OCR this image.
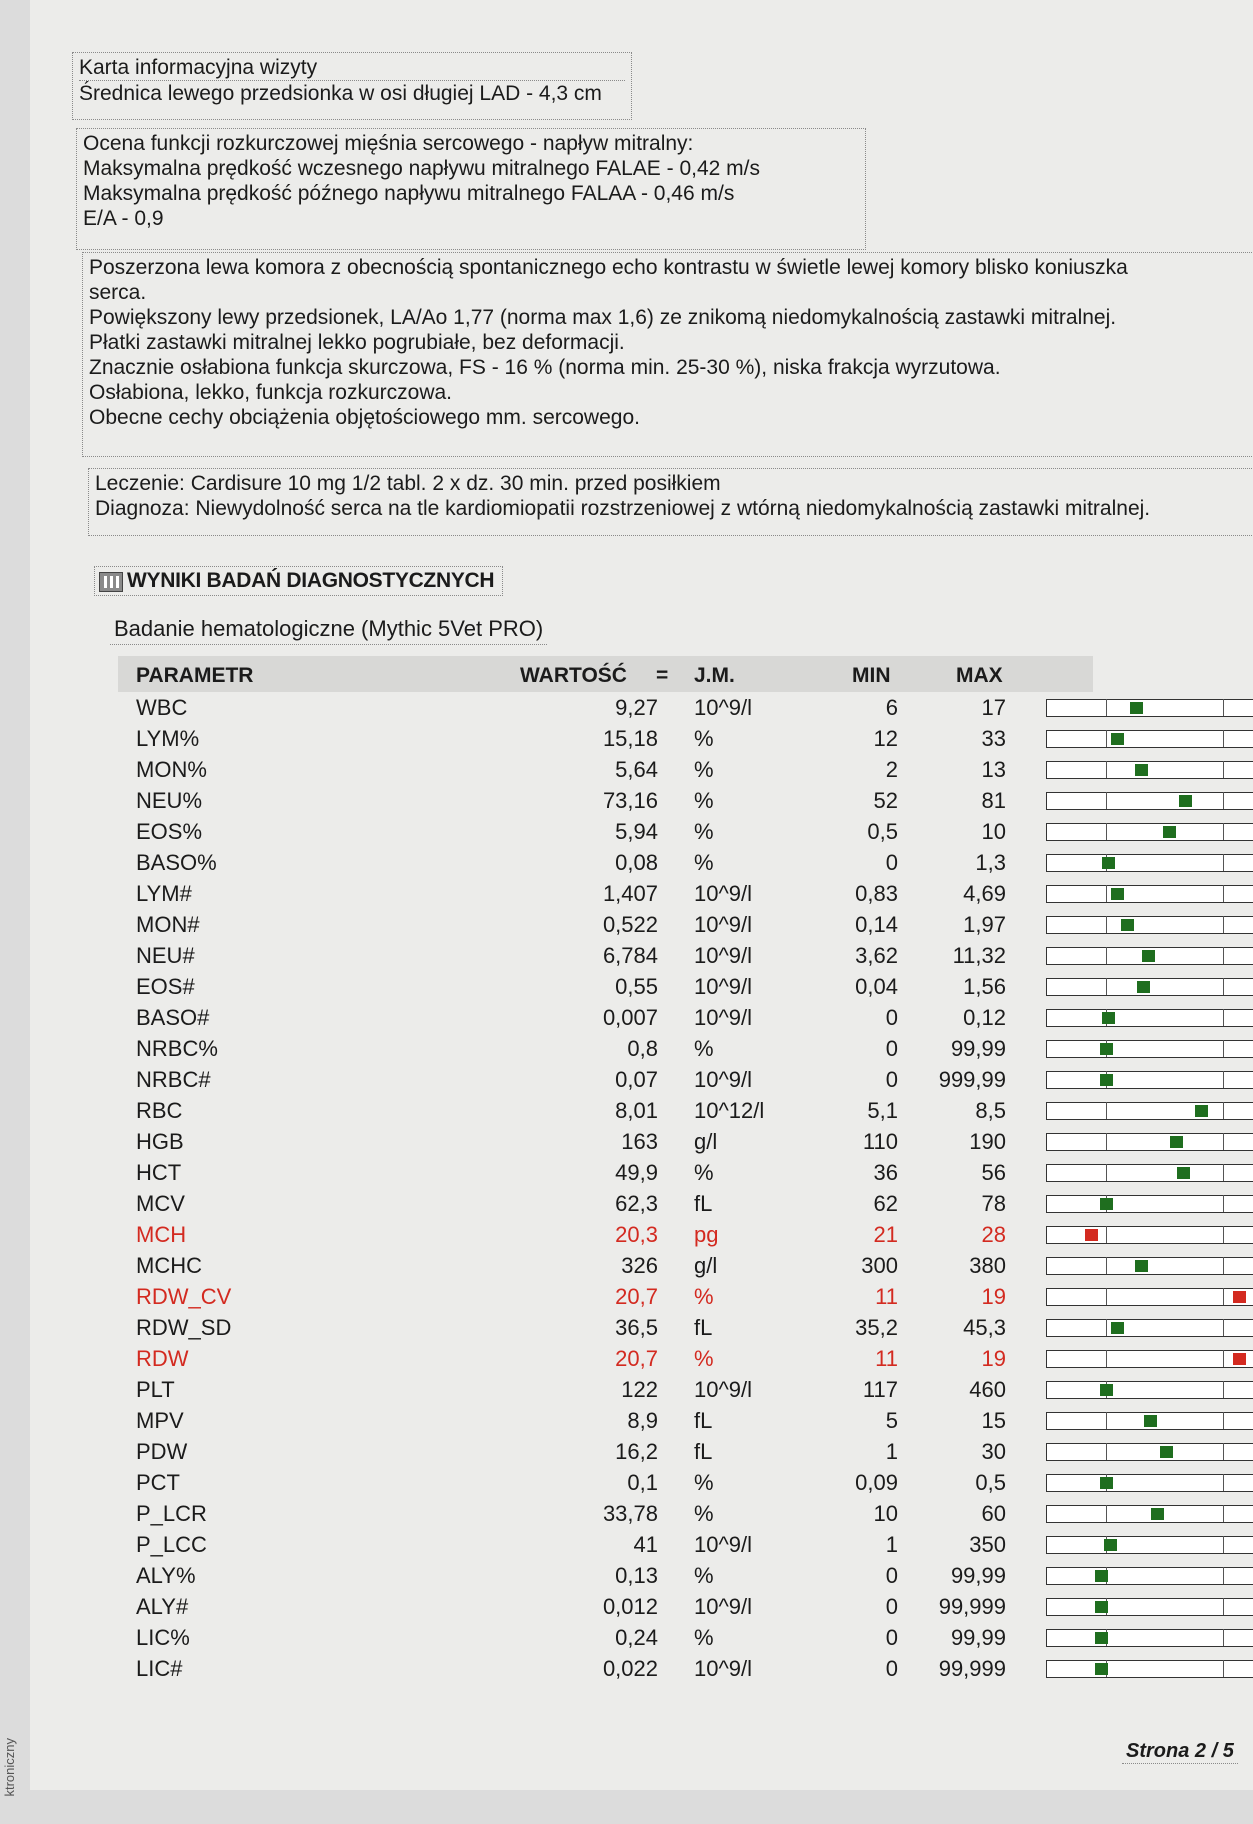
ktroniczny
Karta informacyjna wizyty
Średnica lewego przedsionka w osi długiej LAD - 4,3 cm
Ocena funkcji rozkurczowej mięśnia sercowego - napływ mitralny:
Maksymalna prędkość wczesnego napływu mitralnego FALAE - 0,42 m/s
Maksymalna prędkość późnego napływu mitralnego FALAA - 0,46 m/s
E/A - 0,9
Poszerzona lewa komora z obecnością spontanicznego echo kontrastu w świetle lewej komory blisko koniuszka
serca.
Powiększony lewy przedsionek, LA/Ao 1,77 (norma max 1,6) ze znikomą niedomykalnością zastawki mitralnej.
Płatki zastawki mitralnej lekko pogrubiałe, bez deformacji.
Znacznie osłabiona funkcja skurczowa, FS - 16 % (norma min. 25-30 %), niska frakcja wyrzutowa.
Osłabiona, lekko, funkcja rozkurczowa.
Obecne cechy obciążenia objętościowego mm. sercowego.
Leczenie: Cardisure 10 mg 1/2 tabl. 2 x dz. 30 min. przed posiłkiem
Diagnoza: Niewydolność serca na tle kardiomiopatii rozstrzeniowej z wtórną niedomykalnością zastawki mitralnej.
WYNIKI BADAŃ DIAGNOSTYCZNYCH
Badanie hematologiczne (Mythic 5Vet PRO)
PARAMETR	WARTOŚĆ = J.M.	MIN	MAX
WBC	9,27 10^9/l	6	17
LYM%	15,18 %	12	33
MON%	5,64 %	2	13
NEU%	73,16 %	52	81
EOS%	5,94 %	0,5	10
BASO%	0,08 %	0	1,3
LYM#	1,407 10^9/l	0,83	4,69
MON#	0,522 10^9/l	0,14	1,97
NEU#	6,784 10^9/l	3,62	11,32
EOS#	0,55 10^9/l	0,04	1,56
BASO#	0,007 10^9/l	0	0,12
NRBC%	0,8 %	0	99,99
NRBC#	0,07 10^9/l	0	999,99
RBC	8,01 10^12/l	5,1	8,5
HGB	163 g/l	110	190
HCT	49,9 %	36	56
MCV	62,3 fL	62	78
MCH	20,3 pg	21	28
MCHC	326 g/l	300	380
RDW_CV	20,7 %	11	19
RDW_SD	36,5 fL	35,2	45,3
RDW	20,7 %	11	19
PLT	122 10^9/l	117	460
MPV	8,9 fL	5	15
PDW	16,2 fL	1	30
PCT	0,1 %	0,09	0,5
P_LCR	33,78 %	10	60
P_LCC	41 10^9/l	1	350
ALY%	0,13 %	0	99,99
ALY#	0,012 10^9/l	0	99,999
LIC%	0,24 %	0	99,99
LIC#	0,022 10^9/l	0	99,999
Strona 2 / 5
